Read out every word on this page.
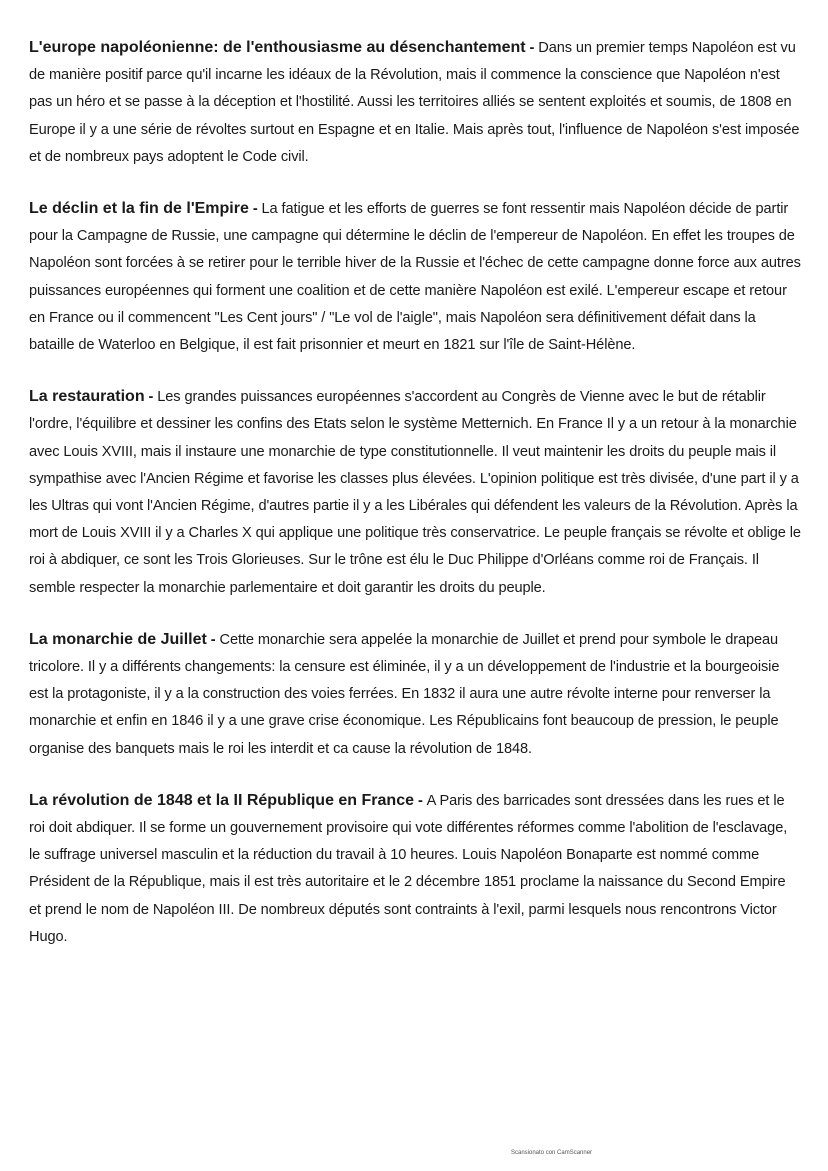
L'europe napoléonienne: de l'enthousiasme au désenchantement - Dans un premier temps Napoléon est vu de manière positif parce qu'il incarne les idéaux de la Révolution, mais il commence la conscience que Napoléon n'est pas un héro et se passe à la déception et l'hostilité. Aussi les territoires alliés se sentent exploités et soumis, de 1808 en Europe il y a une série de révoltes surtout en Espagne et en Italie. Mais après tout, l'influence de Napoléon s'est imposée et de nombreux pays adoptent le Code civil.

Le déclin et la fin de l'Empire - La fatigue et les efforts de guerres se font ressentir mais Napoléon décide de partir pour la Campagne de Russie, une campagne qui détermine le déclin de l'empereur de Napoléon. En effet les troupes de Napoléon sont forcées à se retirer pour le terrible hiver de la Russie et l'échec de cette campagne donne force aux autres puissances européennes qui forment une coalition et de cette manière Napoléon est exilé. L'empereur escape et retour en France ou il commencent "Les Cent jours" / "Le vol de l'aigle", mais Napoléon sera définitivement défait dans la bataille de Waterloo en Belgique, il est fait prisonnier et meurt en 1821 sur l'île de Saint-Hélène.

La restauration - Les grandes puissances européennes s'accordent au Congrès de Vienne avec le but de rétablir l'ordre, l'équilibre et dessiner les confins des Etats selon le système Metternich. En France Il y a un retour à la monarchie avec Louis XVIII, mais il instaure une monarchie de type constitutionnelle. Il veut maintenir les droits du peuple mais il sympathise avec l'Ancien Régime et favorise les classes plus élevées. L'opinion politique est très divisée, d'une part il y a les Ultras qui vont l'Ancien Régime, d'autres partie il y a les Libérales qui défendent les valeurs de la Révolution. Après la mort de Louis XVIII il y a Charles X qui applique une politique très conservatrice. Le peuple français se révolte et oblige le roi à abdiquer, ce sont les Trois Glorieuses. Sur le trône est élu le Duc Philippe d'Orléans comme roi de Français. Il semble respecter la monarchie parlementaire et doit garantir les droits du peuple.

La monarchie de Juillet - Cette monarchie sera appelée la monarchie de Juillet et prend pour symbole le drapeau tricolore. Il y a différents changements: la censure est éliminée, il y a un développement de l'industrie et la bourgeoisie est la protagoniste, il y a la construction des voies ferrées. En 1832 il aura une autre révolte interne pour renverser la monarchie et enfin en 1846 il y a une grave crise économique. Les Républicains font beaucoup de pression, le peuple organise des banquets mais le roi les interdit et ca cause la révolution de 1848.

La révolution de 1848 et la II République en France - A Paris des barricades sont dressées dans les rues et le roi doit abdiquer. Il se forme un gouvernement provisoire qui vote différentes réformes comme l'abolition de l'esclavage, le suffrage universel masculin et la réduction du travail à 10 heures. Louis Napoléon Bonaparte est nommé comme Président de la République, mais il est très autoritaire et le 2 décembre 1851 proclame la naissance du Second Empire et prend le nom de Napoléon III. De nombreux députés sont contraints à l'exil, parmi lesquels nous rencontrons Victor Hugo.

Scansionato con CamScanner
